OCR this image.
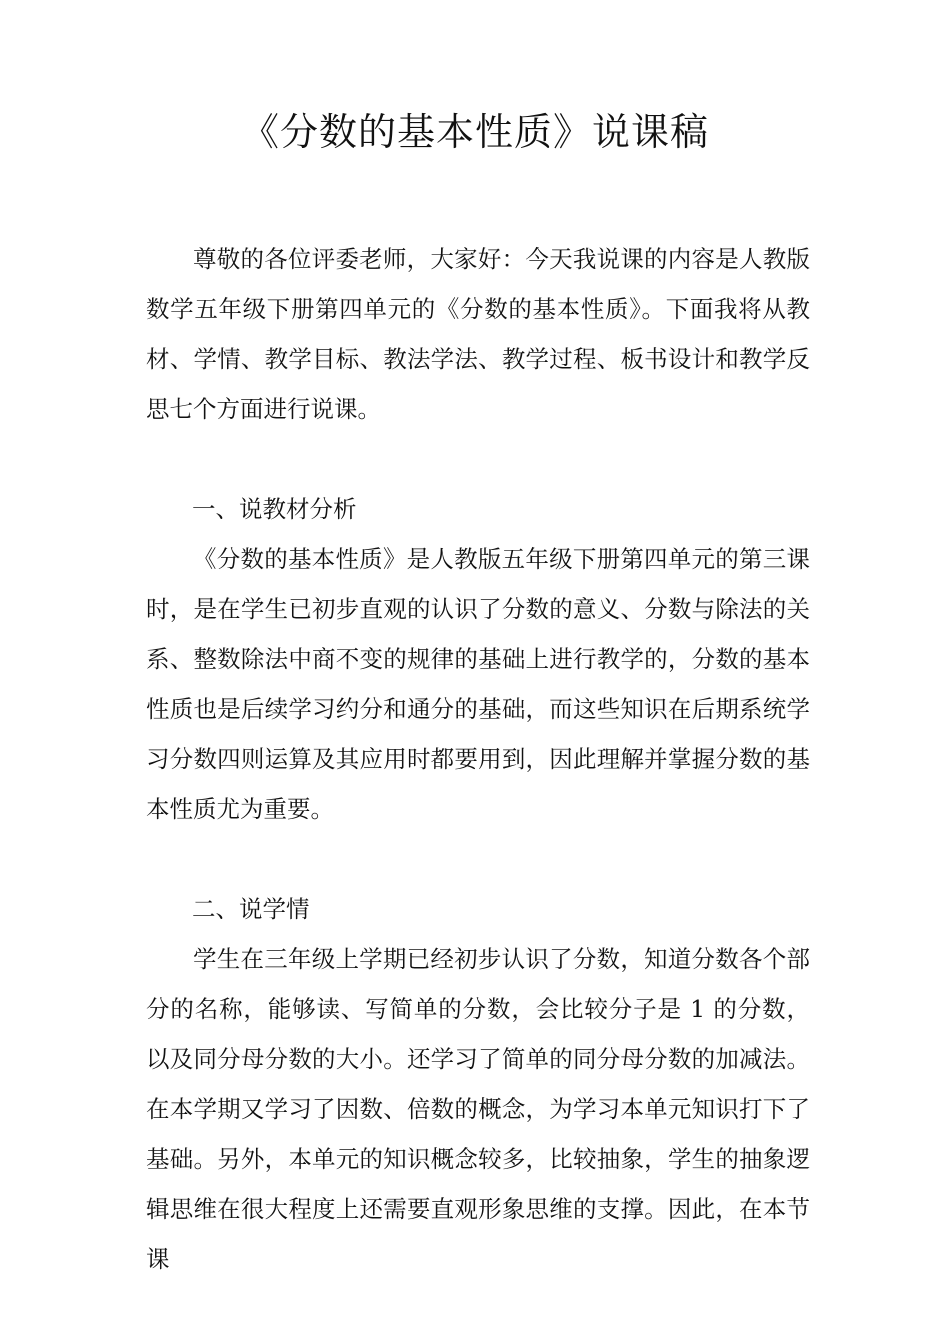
《分数的基本性质》说课稿

尊敬的各位评委老师，大家好：今天我说课的内容是人教版数学五年级下册第四单元的《分数的基本性质》。下面我将从教材、学情、教学目标、教法学法、教学过程、板书设计和教学反思七个方面进行说课。

一、说教材分析

《分数的基本性质》是人教版五年级下册第四单元的第三课时，是在学生已初步直观的认识了分数的意义、分数与除法的关系、整数除法中商不变的规律的基础上进行教学的，分数的基本性质也是后续学习约分和通分的基础，而这些知识在后期系统学习分数四则运算及其应用时都要用到，因此理解并掌握分数的基本性质尤为重要。

二、说学情

学生在三年级上学期已经初步认识了分数，知道分数各个部分的名称，能够读、写简单的分数，会比较分子是 1 的分数，以及同分母分数的大小。还学习了简单的同分母分数的加减法。 在本学期又学习了因数、倍数的概念，为学习本单元知识打下了基础。另外，本单元的知识概念较多，比较抽象，学生的抽象逻辑思维在很大程度上还需要直观形象思维的支撑。因此，在本节课
